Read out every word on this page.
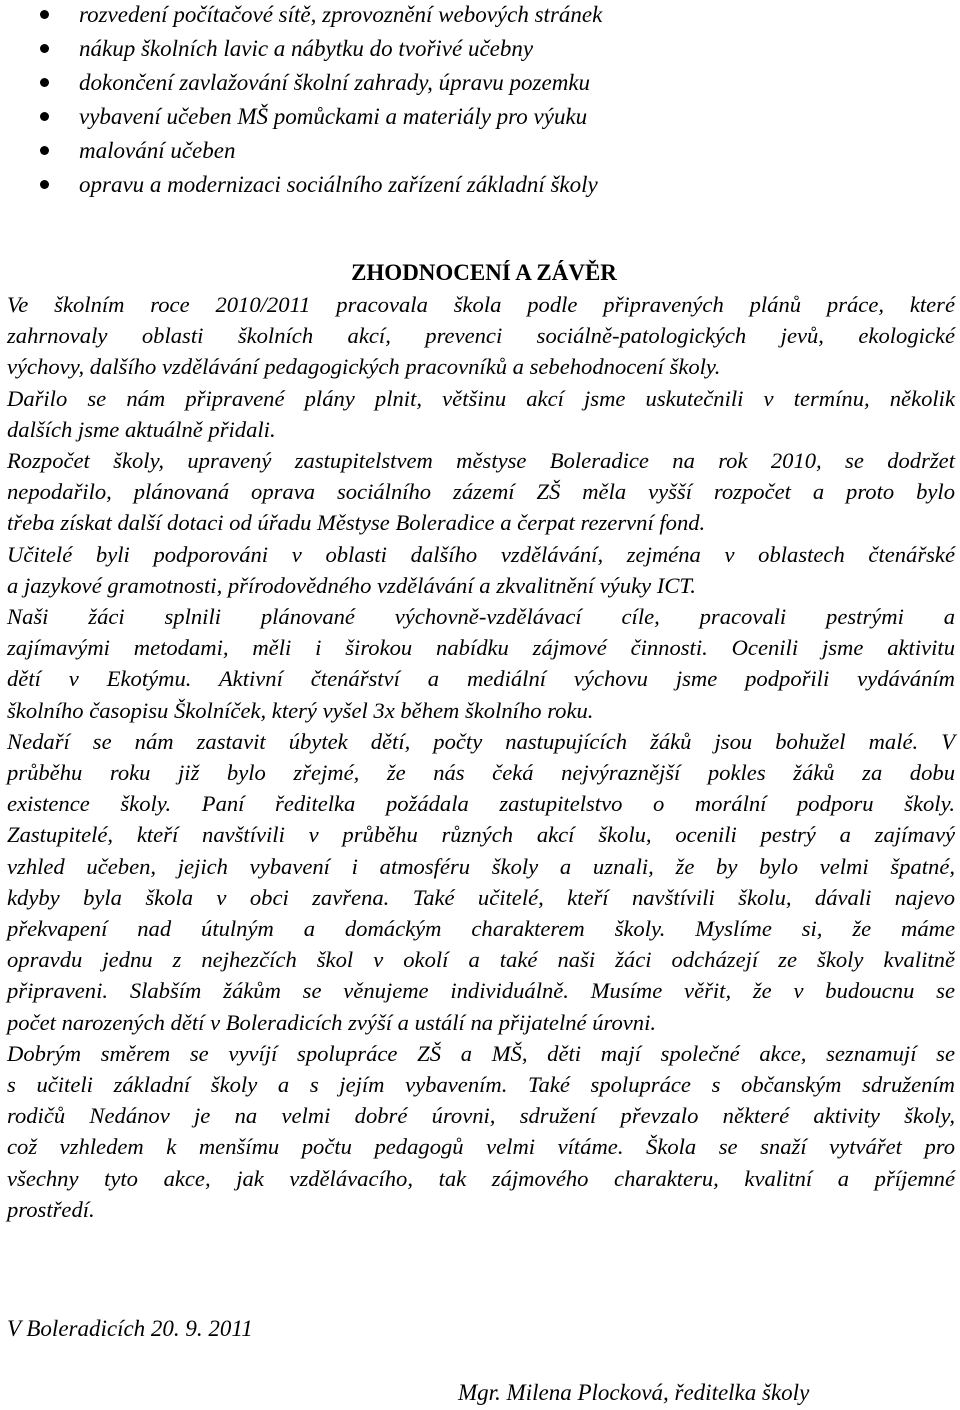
rozvedení počítačové sítě, zprovoznění webových stránek
nákup školních lavic a nábytku do tvořivé učebny
dokončení zavlažování školní zahrady, úpravu pozemku
vybavení učeben MŠ pomůckami a materiály pro výuku
malování učeben
opravu a modernizaci sociálního zařízení základní školy
ZHODNOCENÍ A ZÁVĚR
Ve školním roce 2010/2011 pracovala škola podle připravených plánů práce, které
zahrnovaly oblasti školních akcí, prevenci sociálně-patologických jevů, ekologické
výchovy, dalšího vzdělávání pedagogických pracovníků a sebehodnocení školy.
Dařilo se nám připravené plány plnit, většinu akcí jsme uskutečnili v termínu, několik
dalších jsme aktuálně přidali.
Rozpočet školy, upravený zastupitelstvem městyse Boleradice na rok 2010, se dodržet
nepodařilo, plánovaná oprava sociálního zázemí ZŠ měla vyšší rozpočet a proto bylo
třeba získat další dotaci od úřadu Městyse Boleradice a čerpat rezervní fond.
Učitelé byli podporováni v oblasti dalšího vzdělávání, zejména v oblastech čtenářské
a jazykové gramotnosti, přírodovědného vzdělávání a zkvalitnění výuky ICT.
Naši žáci splnili plánované výchovně-vzdělávací cíle, pracovali pestrými a
zajímavými metodami, měli i širokou nabídku zájmové činnosti. Ocenili jsme aktivitu
dětí v Ekotýmu. Aktivní čtenářství a mediální výchovu jsme podpořili vydáváním
školního časopisu Školníček, který vyšel 3x během školního roku.
Nedaří se nám zastavit úbytek dětí, počty nastupujících žáků jsou bohužel malé. V
průběhu roku již bylo zřejmé, že nás čeká nejvýraznější pokles žáků za dobu
existence školy. Paní ředitelka požádala zastupitelstvo o morální podporu školy.
Zastupitelé, kteří navštívili v průběhu různých akcí školu, ocenili pestrý a zajímavý
vzhled učeben, jejich vybavení i atmosféru školy a uznali, že by bylo velmi špatné,
kdyby byla škola v obci zavřena. Také učitelé, kteří navštívili školu, dávali najevo
překvapení nad útulným a domáckým charakterem školy. Myslíme si, že máme
opravdu jednu z nejhezčích škol v okolí a také naši žáci odcházejí ze školy kvalitně
připraveni. Slabším žákům se věnujeme individuálně. Musíme věřit, že v budoucnu se
počet narozených dětí v Boleradicích zvýší a ustálí na přijatelné úrovni.
Dobrým směrem se vyvíjí spolupráce ZŠ a MŠ, děti mají společné akce, seznamují se
s učiteli základní školy a s jejím vybavením. Také spolupráce s občanským sdružením
rodičů Nedánov je na velmi dobré úrovni, sdružení převzalo některé aktivity školy,
což vzhledem k menšímu počtu pedagogů velmi vítáme. Škola se snaží vytvářet pro
všechny tyto akce, jak vzdělávacího, tak zájmového charakteru, kvalitní a příjemné
prostředí.
V Boleradicích 20. 9. 2011
Mgr. Milena Plocková, ředitelka školy
